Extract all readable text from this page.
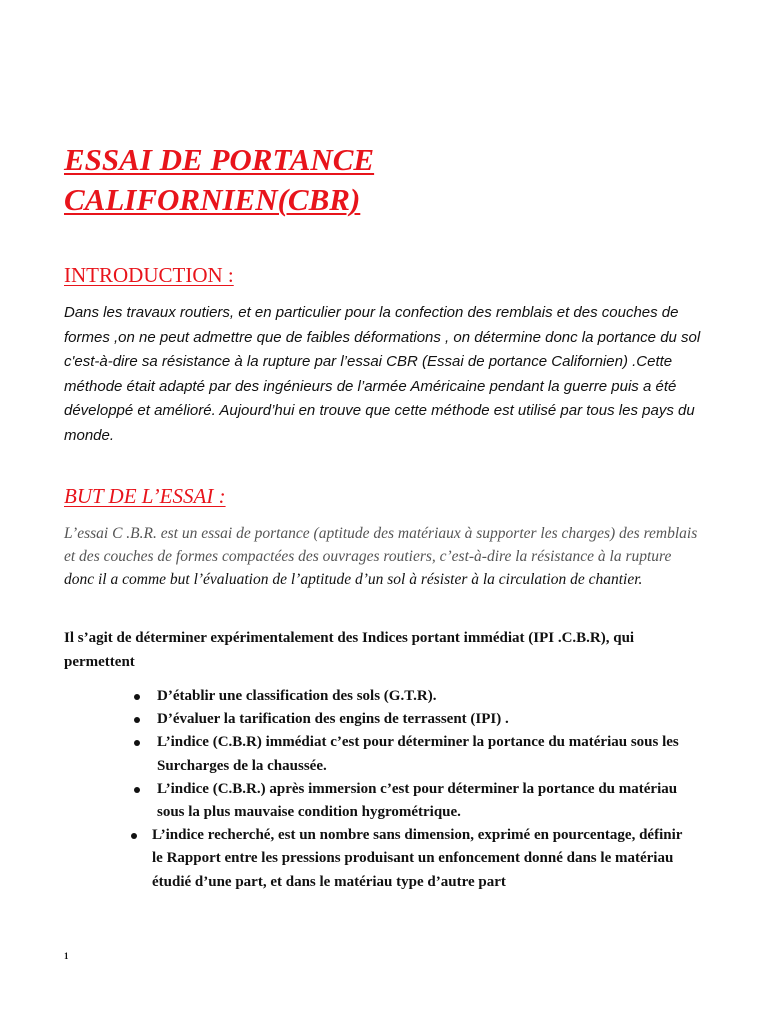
ESSAI DE PORTANCE
CALIFORNIEN(CBR)
INTRODUCTION :

Dans les travaux routiers, et en particulier pour la confection des remblais et des couches de formes ,on ne peut admettre que de faibles déformations , on détermine donc la portance du sol c'est-à-dire sa résistance à la rupture par l’essai CBR (Essai de portance Californien) .Cette méthode était adapté par des ingénieurs de l’armée Américaine pendant la guerre puis a été développé et amélioré. Aujourd’hui en trouve que cette méthode est utilisé par tous les pays du monde.

BUT DE L’ESSAI :

L’essai C .B.R. est un essai de portance (aptitude des matériaux à supporter les charges) des remblais et des couches de formes compactées des ouvrages routiers, c’est-à-dire la résistance à la rupture donc il a comme but l’évaluation de l’aptitude d’un sol à résister à la circulation de chantier.

Il s’agit de déterminer expérimentalement des Indices portant immédiat (IPI .C.B.R), qui permettent

D’établir une classification des sols (G.T.R).
D’évaluer la tarification des engins de terrassent (IPI) .
L’indice (C.B.R) immédiat c’est pour déterminer la portance du matériau sous les Surcharges de la chaussée.
L’indice (C.B.R.) après immersion c’est pour déterminer la portance du matériau sous la plus mauvaise condition hygrométrique.
L’indice recherché, est un nombre sans dimension, exprimé en pourcentage, définir le Rapport entre les pressions produisant un enfoncement donné dans le matériau étudié d’une part, et dans le matériau type d’autre part
1
